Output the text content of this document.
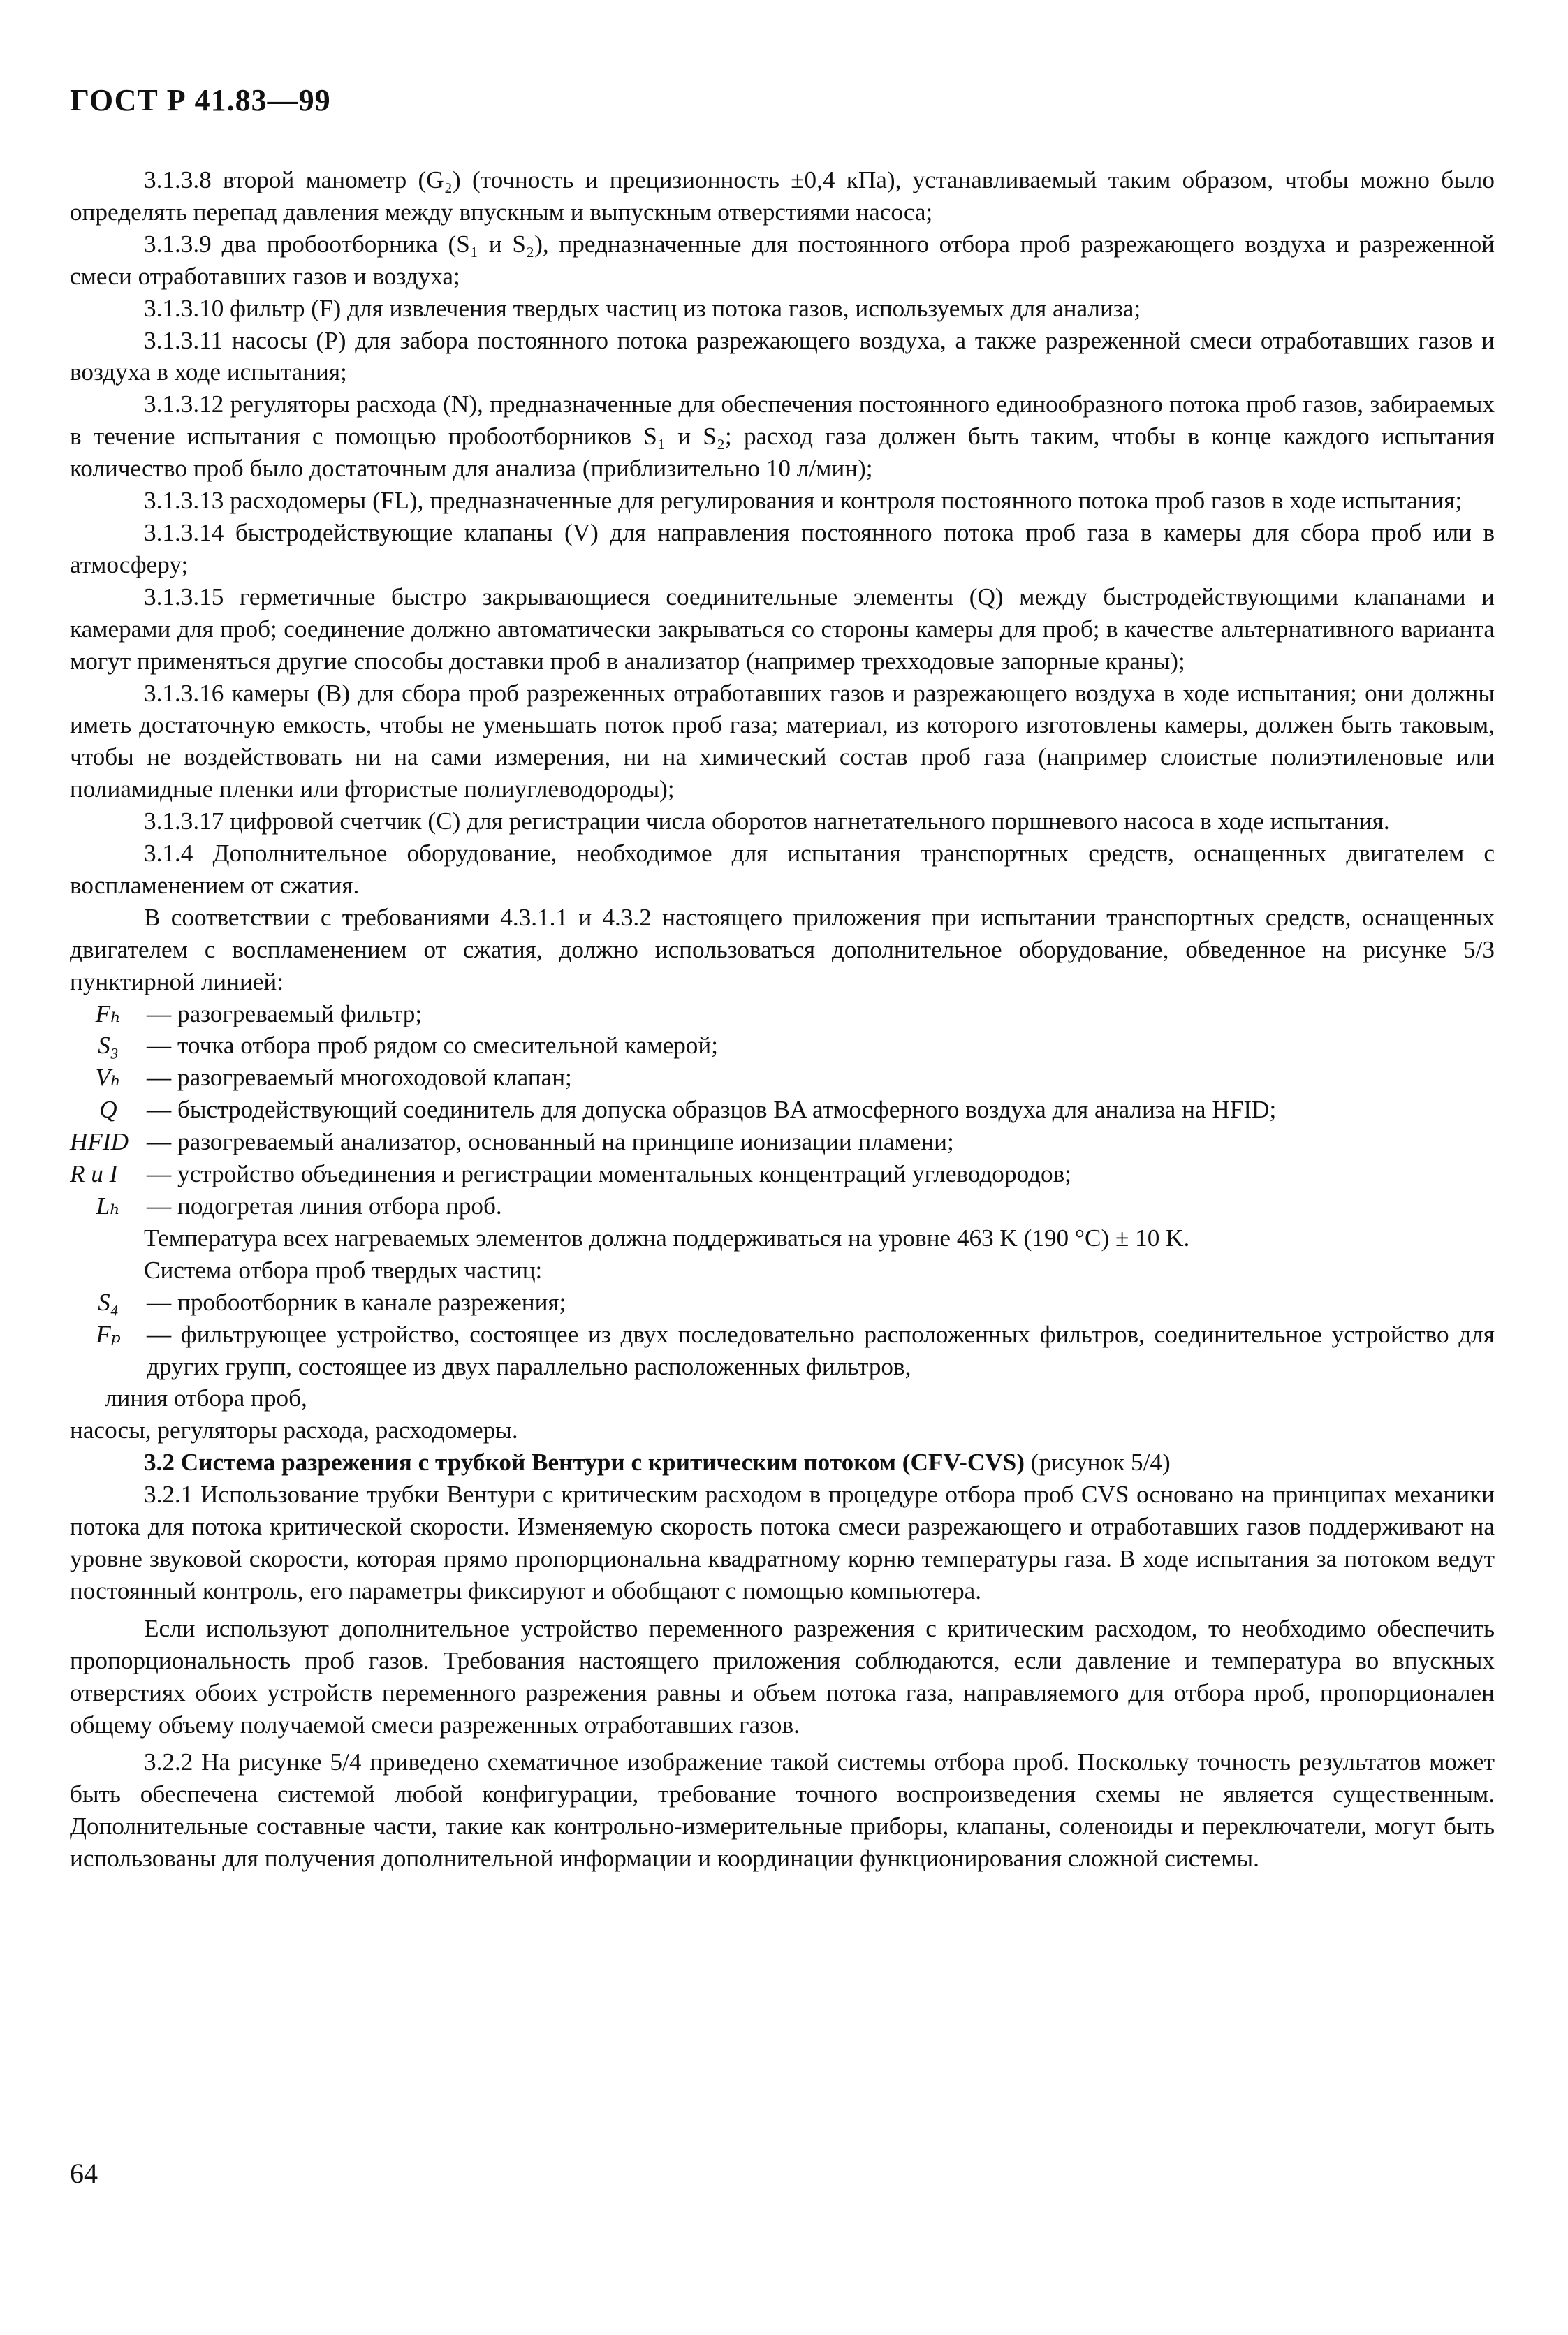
ГОСТ Р 41.83—99

3.1.3.8 второй манометр (G₂) (точность и прецизионность ±0,4 кПа), устанавливаемый таким образом, чтобы можно было определять перепад давления между впускным и выпускным отверстиями насоса;

3.1.3.9 два пробоотборника (S₁ и S₂), предназначенные для постоянного отбора проб разрежающего воздуха и разреженной смеси отработавших газов и воздуха;

3.1.3.10 фильтр (F) для извлечения твердых частиц из потока газов, используемых для анализа;

3.1.3.11 насосы (P) для забора постоянного потока разрежающего воздуха, а также разреженной смеси отработавших газов и воздуха в ходе испытания;

3.1.3.12 регуляторы расхода (N), предназначенные для обеспечения постоянного единообразного потока проб газов, забираемых в течение испытания с помощью пробоотборников S₁ и S₂; расход газа должен быть таким, чтобы в конце каждого испытания количество проб было достаточным для анализа (приблизительно 10 л/мин);

3.1.3.13 расходомеры (FL), предназначенные для регулирования и контроля постоянного потока проб газов в ходе испытания;

3.1.3.14 быстродействующие клапаны (V) для направления постоянного потока проб газа в камеры для сбора проб или в атмосферу;

3.1.3.15 герметичные быстро закрывающиеся соединительные элементы (Q) между быстродействующими клапанами и камерами для проб; соединение должно автоматически закрываться со стороны камеры для проб; в качестве альтернативного варианта могут применяться другие способы доставки проб в анализатор (например трехходовые запорные краны);

3.1.3.16 камеры (B) для сбора проб разреженных отработавших газов и разрежающего воздуха в ходе испытания; они должны иметь достаточную емкость, чтобы не уменьшать поток проб газа; материал, из которого изготовлены камеры, должен быть таковым, чтобы не воздействовать ни на сами измерения, ни на химический состав проб газа (например слоистые полиэтиленовые или полиамидные пленки или фтористые полиуглеводороды);

3.1.3.17 цифровой счетчик (C) для регистрации числа оборотов нагнетательного поршневого насоса в ходе испытания.

3.1.4 Дополнительное оборудование, необходимое для испытания транспортных средств, оснащенных двигателем с воспламенением от сжатия.

В соответствии с требованиями 4.3.1.1 и 4.3.2 настоящего приложения при испытании транспортных средств, оснащенных двигателем с воспламенением от сжатия, должно использоваться дополнительное оборудование, обведенное на рисунке 5/3 пунктирной линией:

Fₕ	— разогреваемый фильтр;
S₃	— точка отбора проб рядом со смесительной камерой;
Vₕ	— разогреваемый многоходовой клапан;
Q	— быстродействующий соединитель для допуска образцов BA атмосферного воздуха для анализа на HFID;
HFID — разогреваемый анализатор, основанный на принципе ионизации пламени;
R и I	— устройство объединения и регистрации моментальных концентраций углеводородов;
Lₕ	— подогретая линия отбора проб.

Температура всех нагреваемых элементов должна поддерживаться на уровне 463 K (190 °C) ± 10 K.

Система отбора проб твердых частиц:

S₄	— пробоотборник в канале разрежения;
Fₚ	— фильтрующее устройство, состоящее из двух последовательно расположенных фильтров, соединительное устройство для других групп, состоящее из двух параллельно расположенных фильтров,

линия отбора проб,

насосы, регуляторы расхода, расходомеры.

3.2 Система разрежения с трубкой Вентури с критическим потоком (CFV-CVS) (рисунок 5/4)

3.2.1 Использование трубки Вентури с критическим расходом в процедуре отбора проб CVS основано на принципах механики потока для потока критической скорости. Изменяемую скорость потока смеси разрежающего и отработавших газов поддерживают на уровне звуковой скорости, которая прямо пропорциональна квадратному корню температуры газа. В ходе испытания за потоком ведут постоянный контроль, его параметры фиксируют и обобщают с помощью компьютера.

Если используют дополнительное устройство переменного разрежения с критическим расходом, то необходимо обеспечить пропорциональность проб газов. Требования настоящего приложения соблюдаются, если давление и температура во впускных отверстиях обоих устройств переменного разрежения равны и объем потока газа, направляемого для отбора проб, пропорционален общему объему получаемой смеси разреженных отработавших газов.

3.2.2 На рисунке 5/4 приведено схематичное изображение такой системы отбора проб. Поскольку точность результатов может быть обеспечена системой любой конфигурации, требование точного воспроизведения схемы не является существенным. Дополнительные составные части, такие как контрольно-измерительные приборы, клапаны, соленоиды и переключатели, могут быть использованы для получения дополнительной информации и координации функционирования сложной системы.

64
